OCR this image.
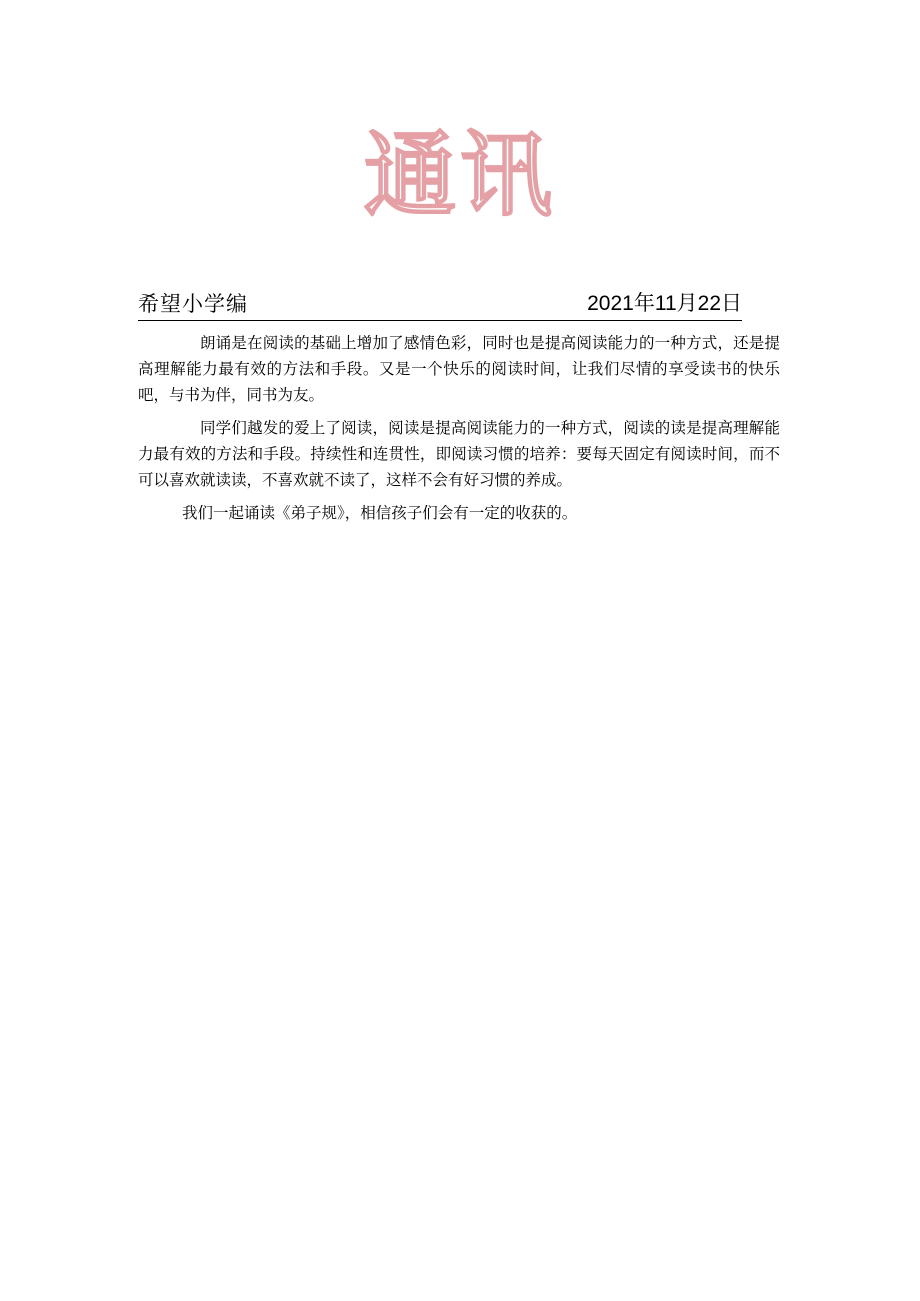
通讯
希望小学编	2021年11月22日

朗诵是在阅读的基础上增加了感情色彩，同时也是提高阅读能力的一种方式，还是提高理解能力最有效的方法和手段。又是一个快乐的阅读时间，让我们尽情的享受读书的快乐吧，与书为伴，同书为友。

同学们越发的爱上了阅读，阅读是提高阅读能力的一种方式，阅读的读是提高理解能力最有效的方法和手段。持续性和连贯性，即阅读习惯的培养：要每天固定有阅读时间，而不可以喜欢就读读，不喜欢就不读了，这样不会有好习惯的养成。

我们一起诵读《弟子规》，相信孩子们会有一定的收获的。
